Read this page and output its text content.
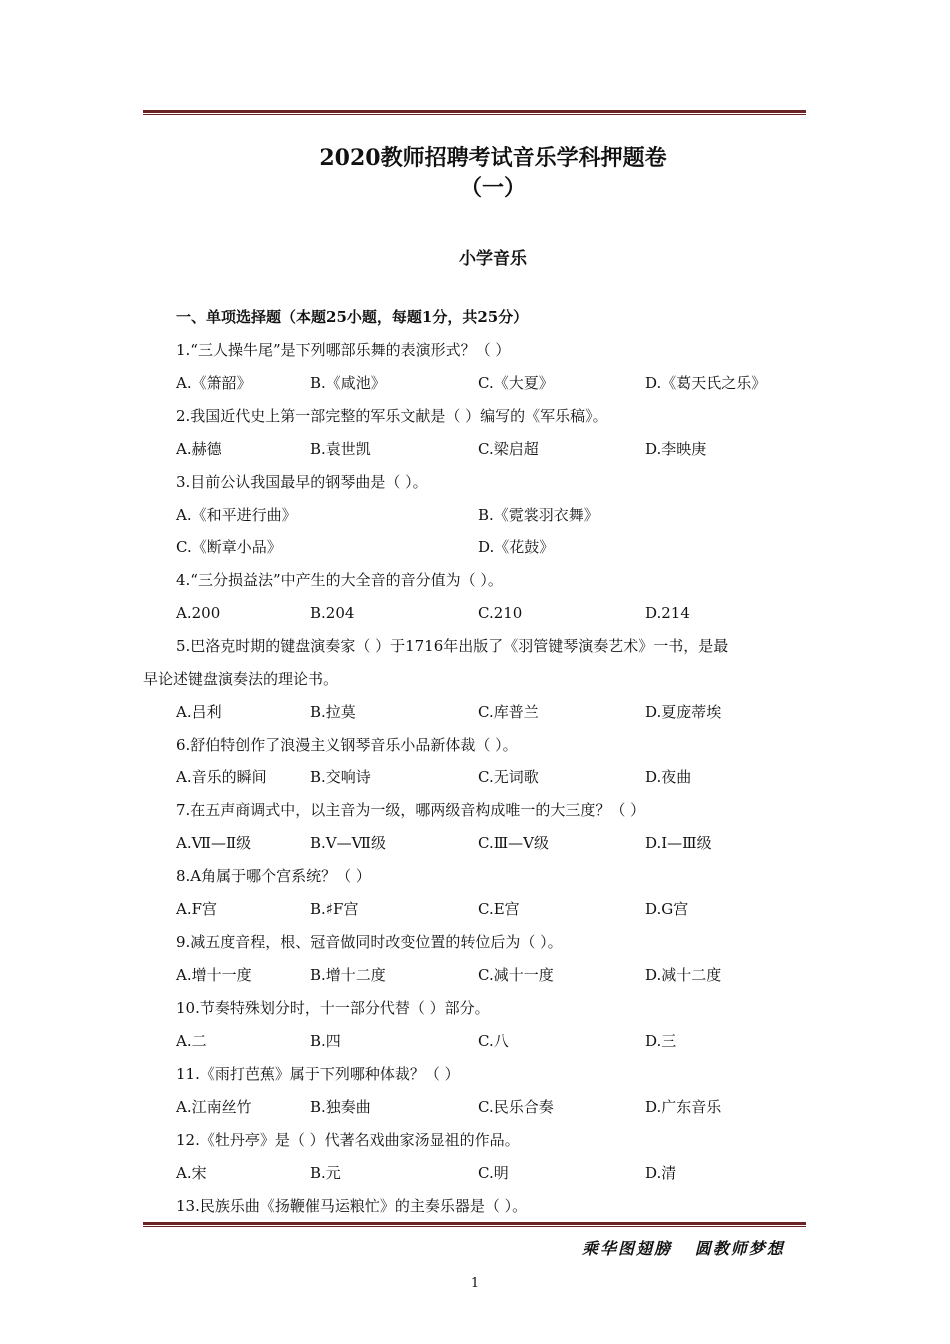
2020教师招聘考试音乐学科押题卷
（一）
小学音乐
一、单项选择题（本题25小题，每题1分，共25分）
1.“三人操牛尾”是下列哪部乐舞的表演形式？（ ）
A.《箫韶》	B.《咸池》	C.《大夏》	D.《葛天氏之乐》
2.我国近代史上第一部完整的军乐文献是（ ）编写的《军乐稿》。
A.赫德	B.袁世凯	C.梁启超	D.李映庚
3.目前公认我国最早的钢琴曲是（ ）。
A.《和平进行曲》	B.《霓裳羽衣舞》
C.《断章小品》	D.《花鼓》
4.“三分损益法”中产生的大全音的音分值为（ ）。
A.200	B.204	C.210	D.214
5.巴洛克时期的键盘演奏家（ ）于1716年出版了《羽管键琴演奏艺术》一书，是最
早论述键盘演奏法的理论书。
A.吕利	B.拉莫	C.库普兰	D.夏庞蒂埃
6.舒伯特创作了浪漫主义钢琴音乐小品新体裁（ ）。
A.音乐的瞬间	B.交响诗	C.无词歌	D.夜曲
7.在五声商调式中，以主音为一级，哪两级音构成唯一的大三度？（ ）
A.Ⅶ—Ⅱ级	B.Ⅴ—Ⅶ级	C.Ⅲ—Ⅴ级	D.Ⅰ—Ⅲ级
8.A角属于哪个宫系统？（ ）
A.F宫	B.♯F宫	C.E宫	D.G宫
9.减五度音程，根、冠音做同时改变位置的转位后为（ ）。
A.增十一度	B.增十二度	C.减十一度	D.减十二度
10.节奏特殊划分时，十一部分代替（ ）部分。
A.二	B.四	C.八	D.三
11.《雨打芭蕉》属于下列哪种体裁？（ ）
A.江南丝竹	B.独奏曲	C.民乐合奏	D.广东音乐
12.《牡丹亭》是（ ）代著名戏曲家汤显祖的作品。
A.宋	B.元	C.明	D.清
13.民族乐曲《扬鞭催马运粮忙》的主奏乐器是（ ）。
乘华图翅膀   圆教师梦想
1
